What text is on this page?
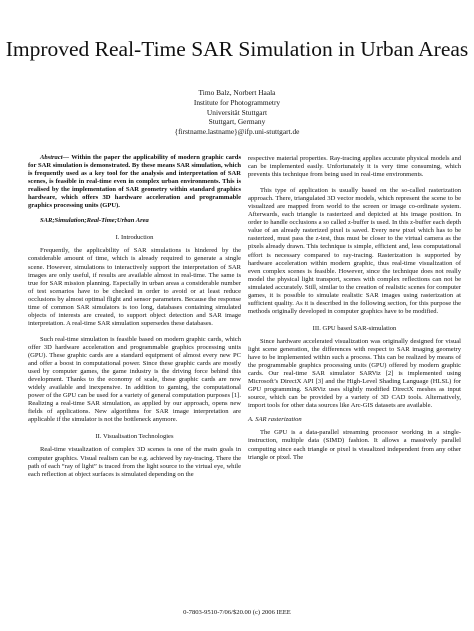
Improved Real-Time SAR Simulation in Urban Areas
Timo Balz, Norbert Haala
Institute for Photogrammetry
Universität Stuttgart
Stuttgart, Germany
{firstname.lastname}@ifp.uni-stuttgart.de

Abstract— Within the paper the applicability of modern graphic cards for SAR simulation is demonstrated. By these means SAR simulation, which is frequently used as a key tool for the analysis and interpretation of SAR scenes, is feasible in real-time even in complex urban environments. This is realised by the implementation of SAR geometry within standard graphics hardware, which offers 3D hardware acceleration and programmable graphics processing units (GPU).

SAR;Simulation;Real-Time;Urban Area

I. Introduction

Frequently, the applicability of SAR simulations is hindered by the considerable amount of time, which is already required to generate a single scene. However, simulations to interactively support the interpretation of SAR images are only useful, if results are available almost in real-time. The same is true for SAR mission planning. Especially in urban areas a considerable number of test scenarios have to be checked in order to avoid or at least reduce occlusions by almost optimal flight and sensor parameters. Because the response time of common SAR simulators is too long, databases containing simulated objects of interests are created, to support object detection and SAR image interpretation. A real-time SAR simulation supersedes these databases.

Such real-time simulation is feasible based on modern graphic cards, which offer 3D hardware acceleration and programmable graphics processing units (GPU). These graphic cards are a standard equipment of almost every new PC and offer a boost in computational power. Since these graphic cards are mostly used by computer games, the game industry is the driving force behind this development. Thanks to the economy of scale, these graphic cards are now widely available and inexpensive. In addition to gaming, the computational power of the GPU can be used for a variety of general computation purposes [1]. Realizing a real-time SAR simulation, as applied by our approach, opens new fields of applications. New algorithms for SAR image interpretation are applicable if the simulator is not the bottleneck anymore.

II. Visualisation Technologies

Real-time visualization of complex 3D scenes is one of the main goals in computer graphics. Visual realism can be e.g. achieved by ray-tracing. There the path of each “ray of light” is traced from the light source to the virtual eye, while each reflection at object surfaces is simulated depending on the

respective material properties. Ray-tracing applies accurate physical models and can be implemented easily. Unfortunately it is very time consuming, which prevents this technique from being used in real-time environments.

This type of application is usually based on the so-called rasterization approach. There, triangulated 3D vector models, which represent the scene to be visualized are mapped from world to the screen or image co-ordinate system. Afterwards, each triangle is rasterized and depicted at his image position. In order to handle occlusions a so called z-buffer is used. In this z-buffer each depth value of an already rasterized pixel is saved. Every new pixel which has to be rasterized, must pass the z-test, thus must be closer to the virtual camera as the pixels already drawn. This technique is simple, efficient and, less computational effort is necessary compared to ray-tracing. Rasterization is supported by hardware acceleration within modern graphic, thus real-time visualization of even complex scenes is feasible. However, since the technique does not really model the physical light transport, scenes with complex reflections can not be simulated accurately. Still, similar to the creation of realistic scenes for computer games, it is possible to simulate realistic SAR images using rasterization at sufficient quality. As it is described in the following section, for this purpose the methods originally developed in computer graphics have to be modified.

III. GPU based SAR-simulation

Since hardware accelerated visualization was originally designed for visual light scene generation, the differences with respect to SAR imaging geometry have to be implemented within such a process. This can be realized by means of the programmable graphics processing units (GPU) offered by modern graphic cards. Our real-time SAR simulator SARViz [2] is implemented using Microsoft’s DirectX API [3] and the High-Level Shading Language (HLSL) for GPU programming. SARViz uses slightly modified DirectX meshes as input source, which can be provided by a variety of 3D CAD tools. Alternatively, import tools for other data sources like Arc-GIS datasets are available.

A. SAR rasterization

The GPU is a data-parallel streaming processor working in a single-instruction, multiple data (SIMD) fashion. It allows a massively parallel computing since each triangle or pixel is visualized independent from any other triangle or pixel. The

0-7803-9510-7/06/$20.00 (c) 2006 IEEE
